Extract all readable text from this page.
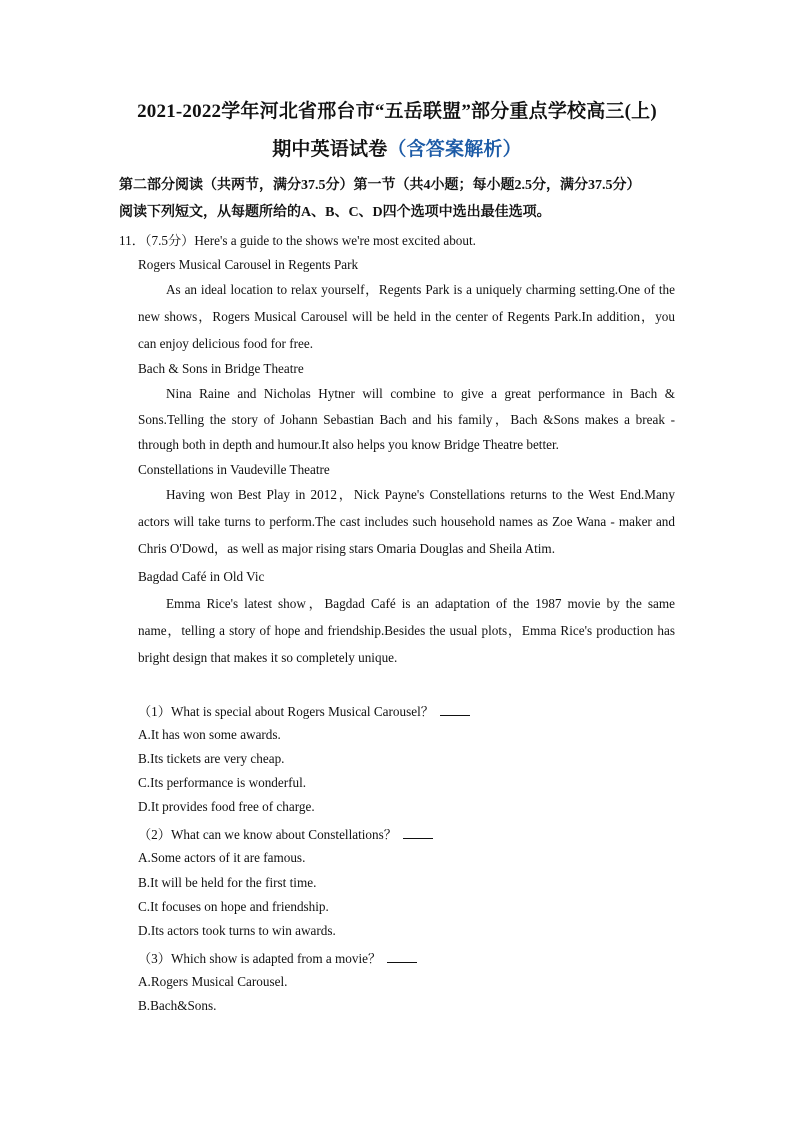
2021-2022学年河北省邢台市“五岳联盟”部分重点学校高三(上)
期中英语试卷（含答案解析）
第二部分阅读（共两节，满分37.5分）第一节（共4小题；每小题2.5分，满分37.5分）
阅读下列短文，从每题所给的A、B、C、D四个选项中选出最佳选项。
11．（7.5分）Here's a guide to the shows we're most excited about.
Rogers Musical Carousel in Regents Park
As an ideal location to relax yourself，Regents Park is a uniquely charming setting.One of the new shows，Rogers Musical Carousel will be held in the center of Regents Park.In addition，you can enjoy delicious food for free.
Bach & Sons in Bridge Theatre
Nina Raine and Nicholas Hytner will combine to give a great performance in Bach & Sons.Telling the story of Johann Sebastian Bach and his family，Bach &Sons makes a break - through both in depth and humour.It also helps you know Bridge Theatre better.
Constellations in Vaudeville Theatre
Having won Best Play in 2012，Nick Payne's Constellations returns to the West End.Many actors will take turns to perform.The cast includes such household names as Zoe Wana - maker and Chris O'Dowd，as well as major rising stars Omaria Douglas and Sheila Atim.
Bagdad Café in Old Vic
Emma Rice's latest show，Bagdad Café is an adaptation of the 1987 movie by the same name，telling a story of hope and friendship.Besides the usual plots，Emma Rice's production has bright design that makes it so completely unique.
（1）What is special about Rogers Musical Carousel？
A.It has won some awards.
B.Its tickets are very cheap.
C.Its performance is wonderful.
D.It provides food free of charge.
（2）What can we know about Constellations？
A.Some actors of it are famous.
B.It will be held for the first time.
C.It focuses on hope and friendship.
D.Its actors took turns to win awards.
（3）Which show is adapted from a movie？
A.Rogers Musical Carousel.
B.Bach&Sons.
